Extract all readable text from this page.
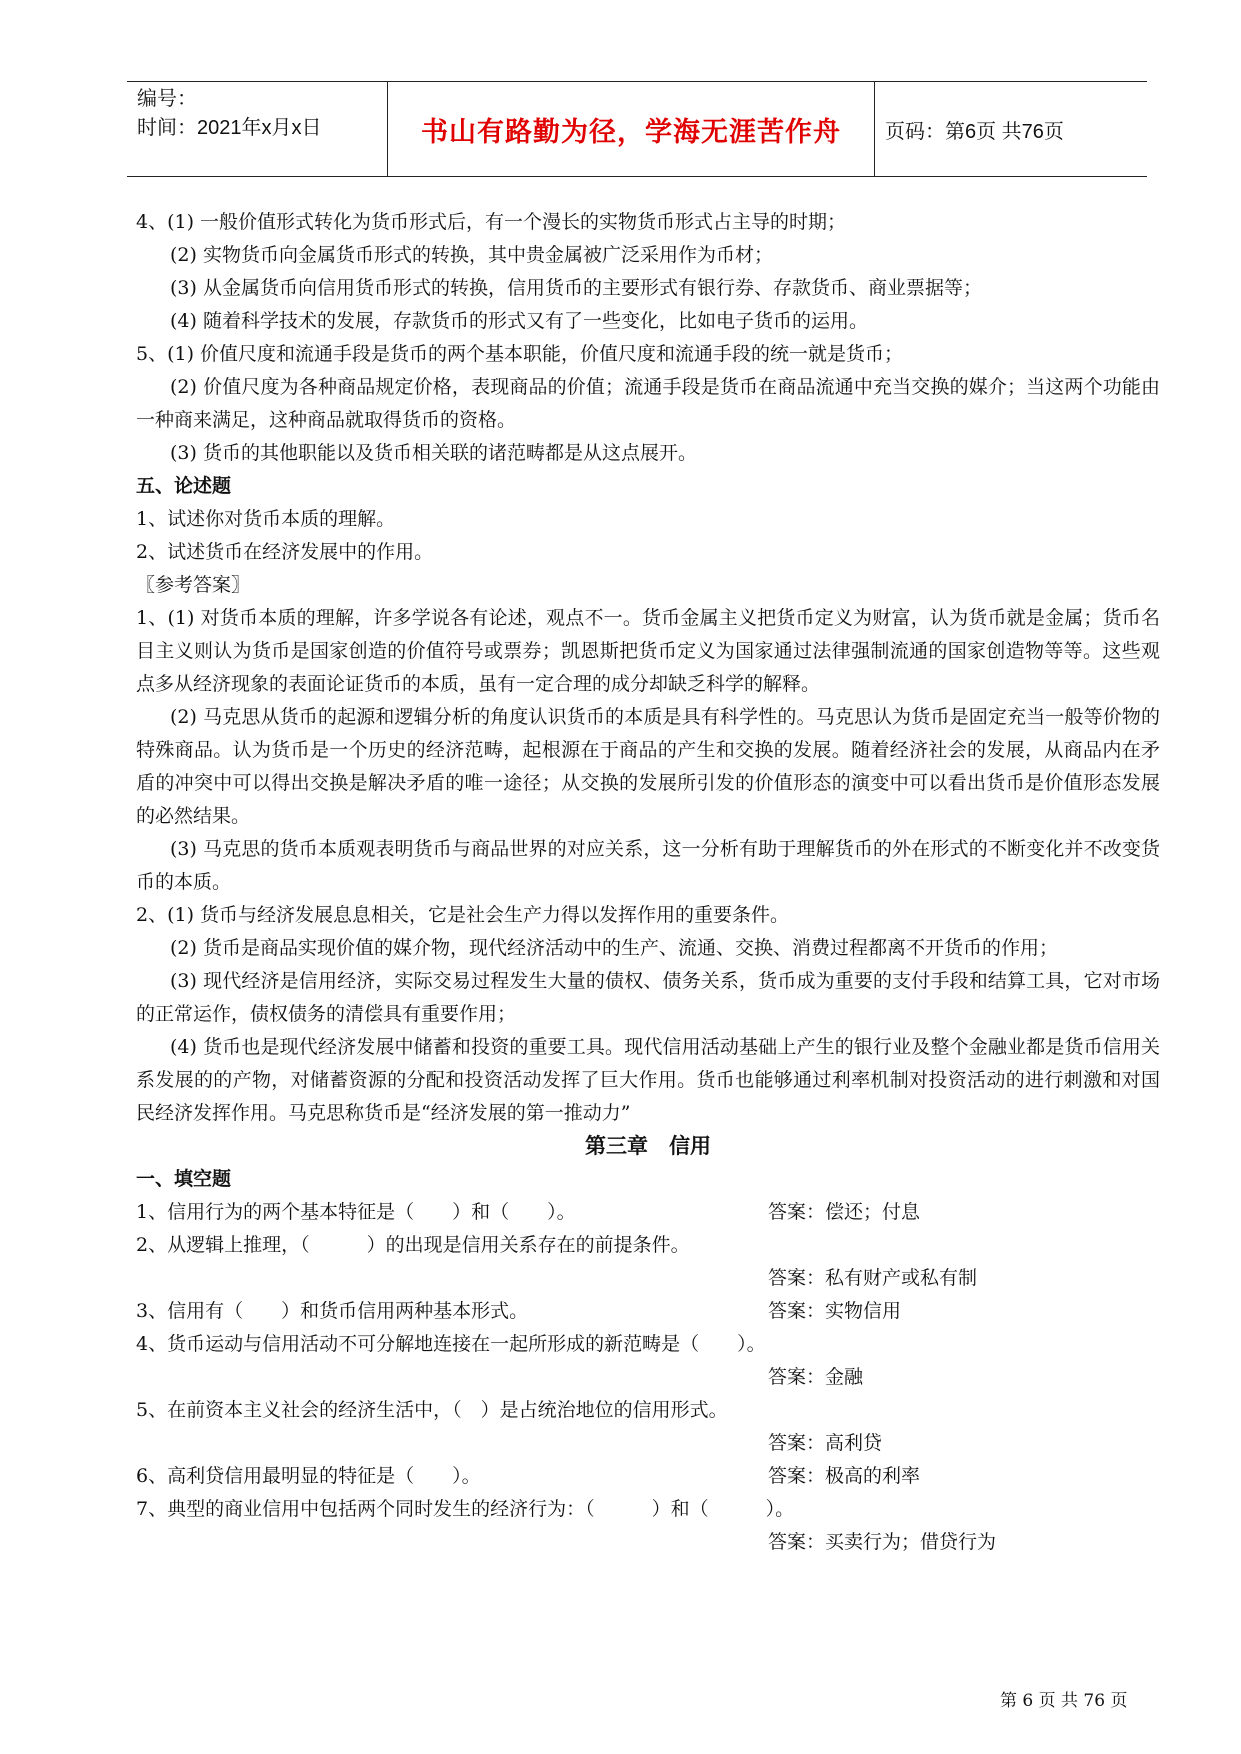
编号：
时间：2021年x月x日	书山有路勤为径，学海无涯苦作舟	页码：第6页 共76页

4、(1) 一般价值形式转化为货币形式后，有一个漫长的实物货币形式占主导的时期；

(2) 实物货币向金属货币形式的转换，其中贵金属被广泛采用作为币材；

(3) 从金属货币向信用货币形式的转换，信用货币的主要形式有银行券、存款货币、商业票据等；

(4) 随着科学技术的发展，存款货币的形式又有了一些变化，比如电子货币的运用。

5、(1) 价值尺度和流通手段是货币的两个基本职能，价值尺度和流通手段的统一就是货币；

(2) 价值尺度为各种商品规定价格，表现商品的价值；流通手段是货币在商品流通中充当交换的媒介；当这两个功能由一种商来满足，这种商品就取得货币的资格。

(3) 货币的其他职能以及货币相关联的诸范畴都是从这点展开。

五、论述题

1、试述你对货币本质的理解。

2、试述货币在经济发展中的作用。

〖参考答案〗

1、(1) 对货币本质的理解，许多学说各有论述，观点不一。货币金属主义把货币定义为财富，认为货币就是金属；货币名目主义则认为货币是国家创造的价值符号或票券；凯恩斯把货币定义为国家通过法律强制流通的国家创造物等等。这些观点多从经济现象的表面论证货币的本质，虽有一定合理的成分却缺乏科学的解释。

(2) 马克思从货币的起源和逻辑分析的角度认识货币的本质是具有科学性的。马克思认为货币是固定充当一般等价物的特殊商品。认为货币是一个历史的经济范畴，起根源在于商品的产生和交换的发展。随着经济社会的发展，从商品内在矛盾的冲突中可以得出交换是解决矛盾的唯一途径；从交换的发展所引发的价值形态的演变中可以看出货币是价值形态发展的必然结果。

(3) 马克思的货币本质观表明货币与商品世界的对应关系，这一分析有助于理解货币的外在形式的不断变化并不改变货币的本质。

2、(1) 货币与经济发展息息相关，它是社会生产力得以发挥作用的重要条件。

(2) 货币是商品实现价值的媒介物，现代经济活动中的生产、流通、交换、消费过程都离不开货币的作用；

(3) 现代经济是信用经济，实际交易过程发生大量的债权、债务关系，货币成为重要的支付手段和结算工具，它对市场的正常运作，债权债务的清偿具有重要作用；

(4) 货币也是现代经济发展中储蓄和投资的重要工具。现代信用活动基础上产生的银行业及整个金融业都是货币信用关系发展的的产物，对储蓄资源的分配和投资活动发挥了巨大作用。货币也能够通过利率机制对投资活动的进行刺激和对国民经济发挥作用。马克思称货币是“经济发展的第一推动力”

第三章　信用

一、填空题

1、信用行为的两个基本特征是（　　）和（　　）。	答案：偿还；付息

2、从逻辑上推理，（　　　）的出现是信用关系存在的前提条件。

答案：私有财产或私有制

3、信用有（　　）和货币信用两种基本形式。	答案：实物信用

4、货币运动与信用活动不可分解地连接在一起所形成的新范畴是（　　）。

答案：金融

5、在前资本主义社会的经济生活中，（　）是占统治地位的信用形式。

答案：高利贷

6、高利贷信用最明显的特征是（　　）。	答案：极高的利率

7、典型的商业信用中包括两个同时发生的经济行为：（　　　）和（　　　）。

答案：买卖行为；借贷行为

第 6 页 共 76 页
